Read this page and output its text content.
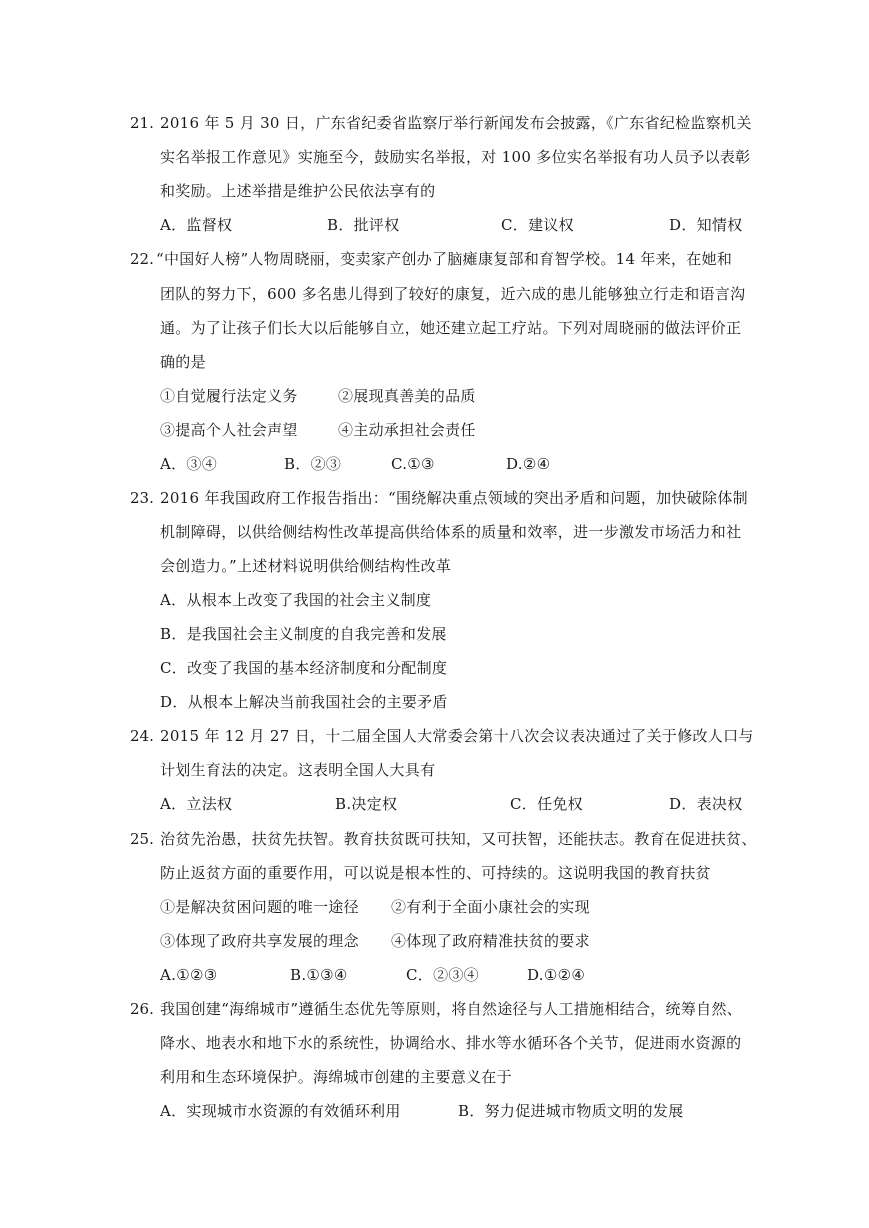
21. 2016 年 5 月 30 日，广东省纪委省监察厅举行新闻发布会披露，《广东省纪检监察机关
实名举报工作意见》实施至今，鼓励实名举报，对 100 多位实名举报有功人员予以表彰
和奖励。上述举措是维护公民依法享有的
A．监督权	B．批评权	C．建议权	D．知情权
22. “中国好人榜”人物周晓丽，变卖家产创办了脑瘫康复部和育智学校。14 年来，在她和
团队的努力下，600 多名患儿得到了较好的康复，近六成的患儿能够独立行走和语言沟
通。为了让孩子们长大以后能够自立，她还建立起工疗站。下列对周晓丽的做法评价正
确的是
①自觉履行法定义务	②展现真善美的品质
③提高个人社会声望	④主动承担社会责任
A．③④	B．②③	C.①③	D.②④
23. 2016 年我国政府工作报告指出：“围绕解决重点领域的突出矛盾和问题，加快破除体制
机制障碍，以供给侧结构性改革提高供给体系的质量和效率，进一步激发市场活力和社
会创造力。”上述材料说明供给侧结构性改革
A．从根本上改变了我国的社会主义制度
B．是我国社会主义制度的自我完善和发展
C．改变了我国的基本经济制度和分配制度
D．从根本上解决当前我国社会的主要矛盾
24. 2015 年 12 月 27 日，十二届全国人大常委会第十八次会议表决通过了关于修改人口与
计划生育法的决定。这表明全国人大具有
A．立法权	B.决定权	C．任免权	D．表决权
25. 治贫先治愚，扶贫先扶智。教育扶贫既可扶知，又可扶智，还能扶志。教育在促进扶贫、
防止返贫方面的重要作用，可以说是根本性的、可持续的。这说明我国的教育扶贫
①是解决贫困问题的唯一途径 ②有利于全面小康社会的实现
③体现了政府共享发展的理念 ④体现了政府精准扶贫的要求
A.①②③	B.①③④	C．②③④	D.①②④
26. 我国创建“海绵城市”遵循生态优先等原则，将自然途径与人工措施相结合，统筹自然、
降水、地表水和地下水的系统性，协调给水、排水等水循环各个关节，促进雨水资源的
利用和生态环境保护。海绵城市创建的主要意义在于
A．实现城市水资源的有效循环利用	B．努力促进城市物质文明的发展
